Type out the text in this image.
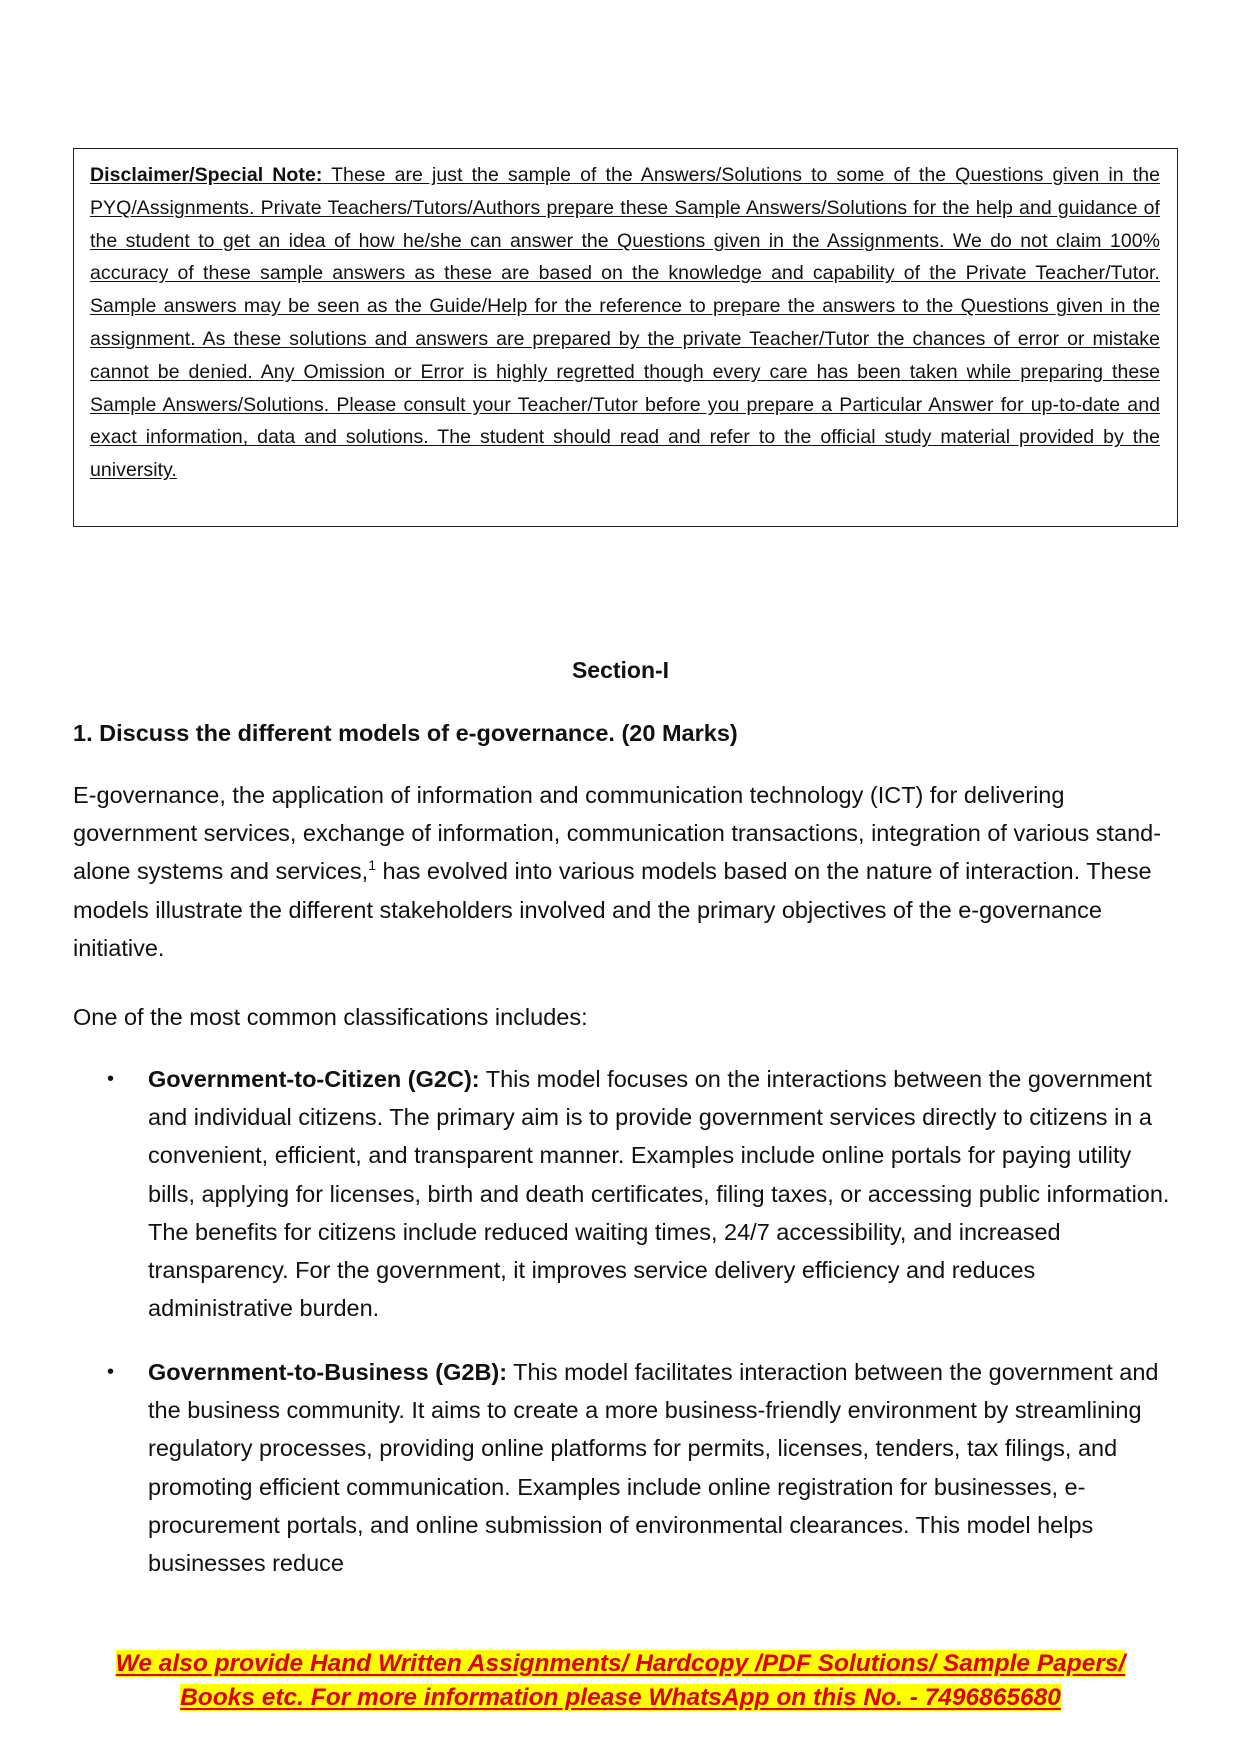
Disclaimer/Special Note: These are just the sample of the Answers/Solutions to some of the Questions given in the PYQ/Assignments. Private Teachers/Tutors/Authors prepare these Sample Answers/Solutions for the help and guidance of the student to get an idea of how he/she can answer the Questions given in the Assignments. We do not claim 100% accuracy of these sample answers as these are based on the knowledge and capability of the Private Teacher/Tutor. Sample answers may be seen as the Guide/Help for the reference to prepare the answers to the Questions given in the assignment. As these solutions and answers are prepared by the private Teacher/Tutor the chances of error or mistake cannot be denied. Any Omission or Error is highly regretted though every care has been taken while preparing these Sample Answers/Solutions. Please consult your Teacher/Tutor before you prepare a Particular Answer for up-to-date and exact information, data and solutions. The student should read and refer to the official study material provided by the university.
Section-I

1. Discuss the different models of e-governance. (20 Marks)

E-governance, the application of information and communication technology (ICT) for delivering government services, exchange of information, communication transactions, integration of various stand-alone systems and services,$^1$ has evolved into various models based on the nature of interaction. These models illustrate the different stakeholders involved and the primary objectives of the e-governance initiative.

One of the most common classifications includes:

• Government-to-Citizen (G2C): This model focuses on the interactions between the government and individual citizens. The primary aim is to provide government services directly to citizens in a convenient, efficient, and transparent manner. Examples include online portals for paying utility bills, applying for licenses, birth and death certificates, filing taxes, or accessing public information. The benefits for citizens include reduced waiting times, 24/7 accessibility, and increased transparency. For the government, it improves service delivery efficiency and reduces administrative burden.
• Government-to-Business (G2B): This model facilitates interaction between the government and the business community. It aims to create a more business-friendly environment by streamlining regulatory processes, providing online platforms for permits, licenses, tenders, tax filings, and promoting efficient communication. Examples include online registration for businesses, e-procurement portals, and online submission of environmental clearances. This model helps businesses reduce
We also provide Hand Written Assignments/ Hardcopy /PDF Solutions/ Sample Papers/
Books etc. For more information please WhatsApp on this No. - 7496865680
